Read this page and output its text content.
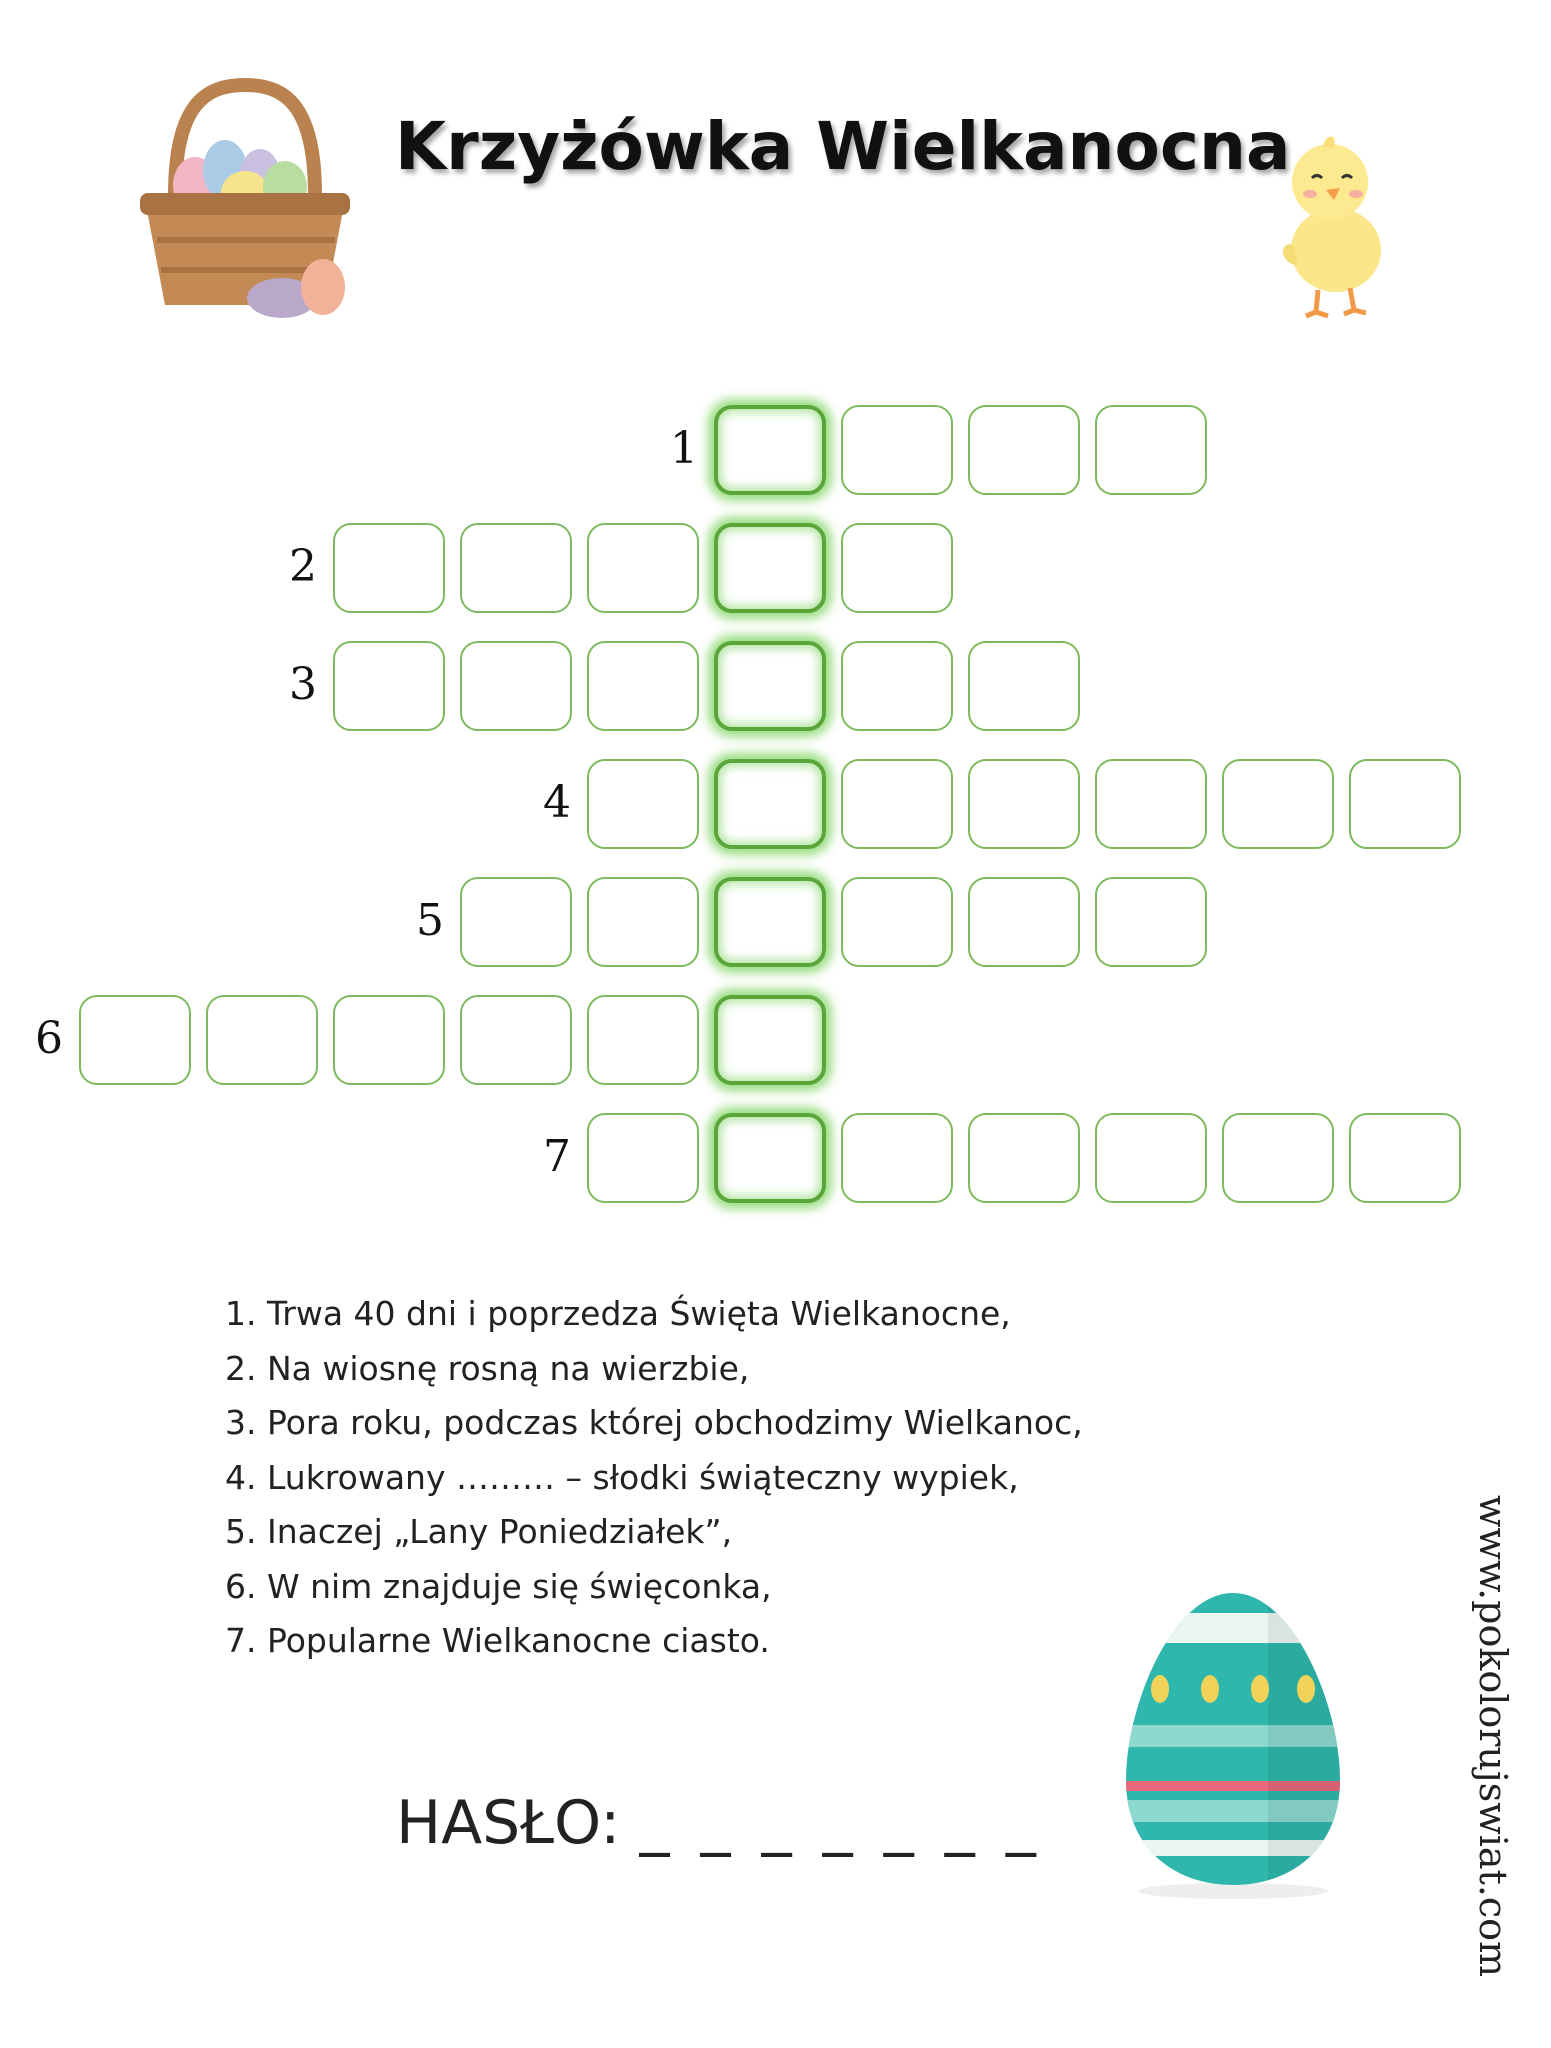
Krzyżówka Wielkanocna
1
2
3
4
5
6
7
1. Trwa 40 dni i poprzedza Święta Wielkanocne,
2. Na wiosnę rosną na wierzbie,
3. Pora roku, podczas której obchodzimy Wielkanoc,
4. Lukrowany ……… – słodki świąteczny wypiek,
5. Inaczej „Lany Poniedziałek”,
6. W nim znajduje się święconka,
7. Popularne Wielkanocne ciasto.
HASŁO: _ _ _ _ _ _ _	www.pokolorujswiat.com
